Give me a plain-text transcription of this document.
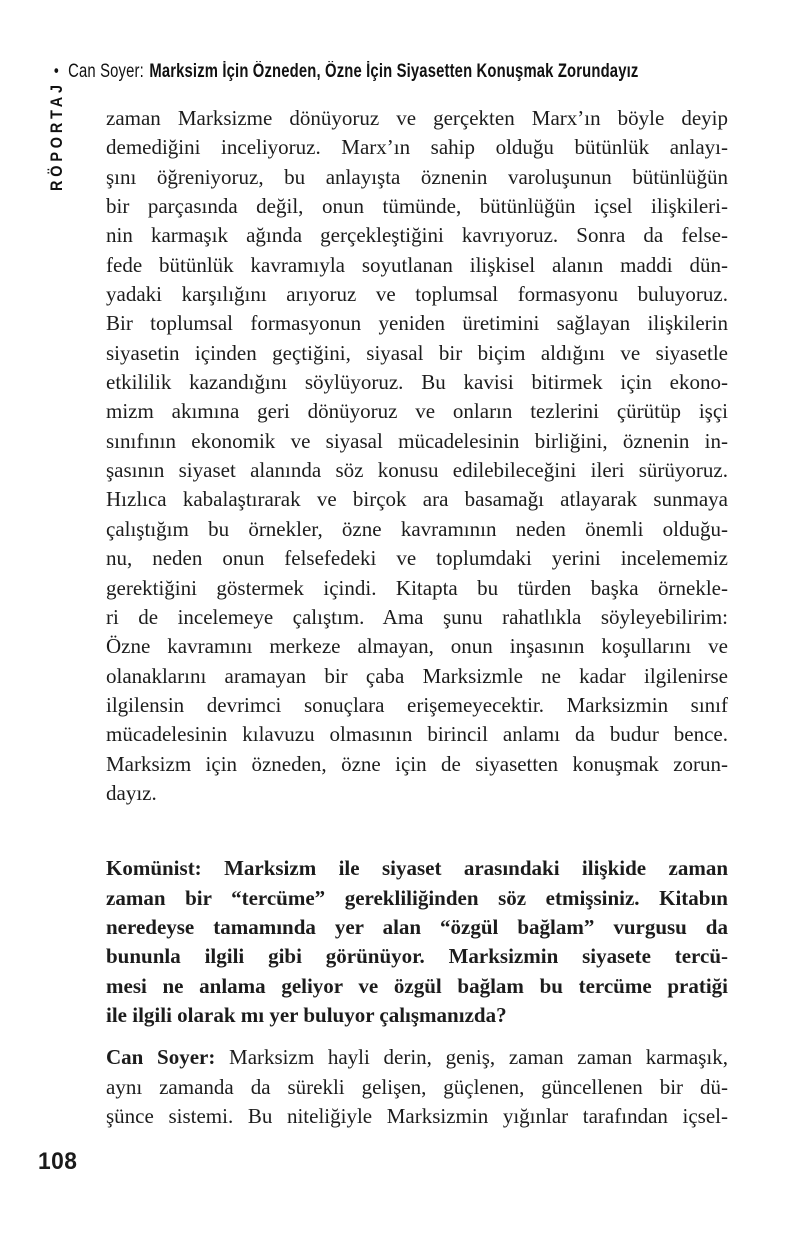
• Can Soyer: Marksizm İçin Özneden, Özne İçin Siyasetten Konuşmak Zorundayız
RÖPORTAJ zaman Marksizme dönüyoruz ve gerçekten Marx’ın böyle deyip
demediğini inceliyoruz. Marx’ın sahip olduğu bütünlük anlayı-
şını öğreniyoruz, bu anlayışta öznenin varoluşunun bütünlüğün
bir parçasında değil, onun tümünde, bütünlüğün içsel ilişkileri-
nin karmaşık ağında gerçekleştiğini kavrıyoruz. Sonra da felse-
fede bütünlük kavramıyla soyutlanan ilişkisel alanın maddi dün-
yadaki karşılığını arıyoruz ve toplumsal formasyonu buluyoruz.
Bir toplumsal formasyonun yeniden üretimini sağlayan ilişkilerin
siyasetin içinden geçtiğini, siyasal bir biçim aldığını ve siyasetle
etkililik kazandığını söylüyoruz. Bu kavisi bitirmek için ekono-
mizm akımına geri dönüyoruz ve onların tezlerini çürütüp işçi
sınıfının ekonomik ve siyasal mücadelesinin birliğini, öznenin in-
şasının siyaset alanında söz konusu edilebileceğini ileri sürüyoruz.
Hızlıca kabalaştırarak ve birçok ara basamağı atlayarak sunmaya
çalıştığım bu örnekler, özne kavramının neden önemli olduğu-
nu, neden onun felsefedeki ve toplumdaki yerini incelememiz
gerektiğini göstermek içindi. Kitapta bu türden başka örnekle-
ri de incelemeye çalıştım. Ama şunu rahatlıkla söyleyebilirim:
Özne kavramını merkeze almayan, onun inşasının koşullarını ve
olanaklarını aramayan bir çaba Marksizmle ne kadar ilgilenirse
ilgilensin devrimci sonuçlara erişemeyecektir. Marksizmin sınıf
mücadelesinin kılavuzu olmasının birincil anlamı da budur bence.
Marksizm için özneden, özne için de siyasetten konuşmak zorun-
dayız.
Komünist: Marksizm ile siyaset arasındaki ilişkide zaman
zaman bir “tercüme” gerekliliğinden söz etmişsiniz. Kitabın
neredeyse tamamında yer alan “özgül bağlam” vurgusu da
bununla ilgili gibi görünüyor. Marksizmin siyasete tercü-
mesi ne anlama geliyor ve özgül bağlam bu tercüme pratiği
ile ilgili olarak mı yer buluyor çalışmanızda?
Can Soyer: Marksizm hayli derin, geniş, zaman zaman karmaşık,
aynı zamanda da sürekli gelişen, güçlenen, güncellenen bir dü-
şünce sistemi. Bu niteliğiyle Marksizmin yığınlar tarafından içsel-
108
